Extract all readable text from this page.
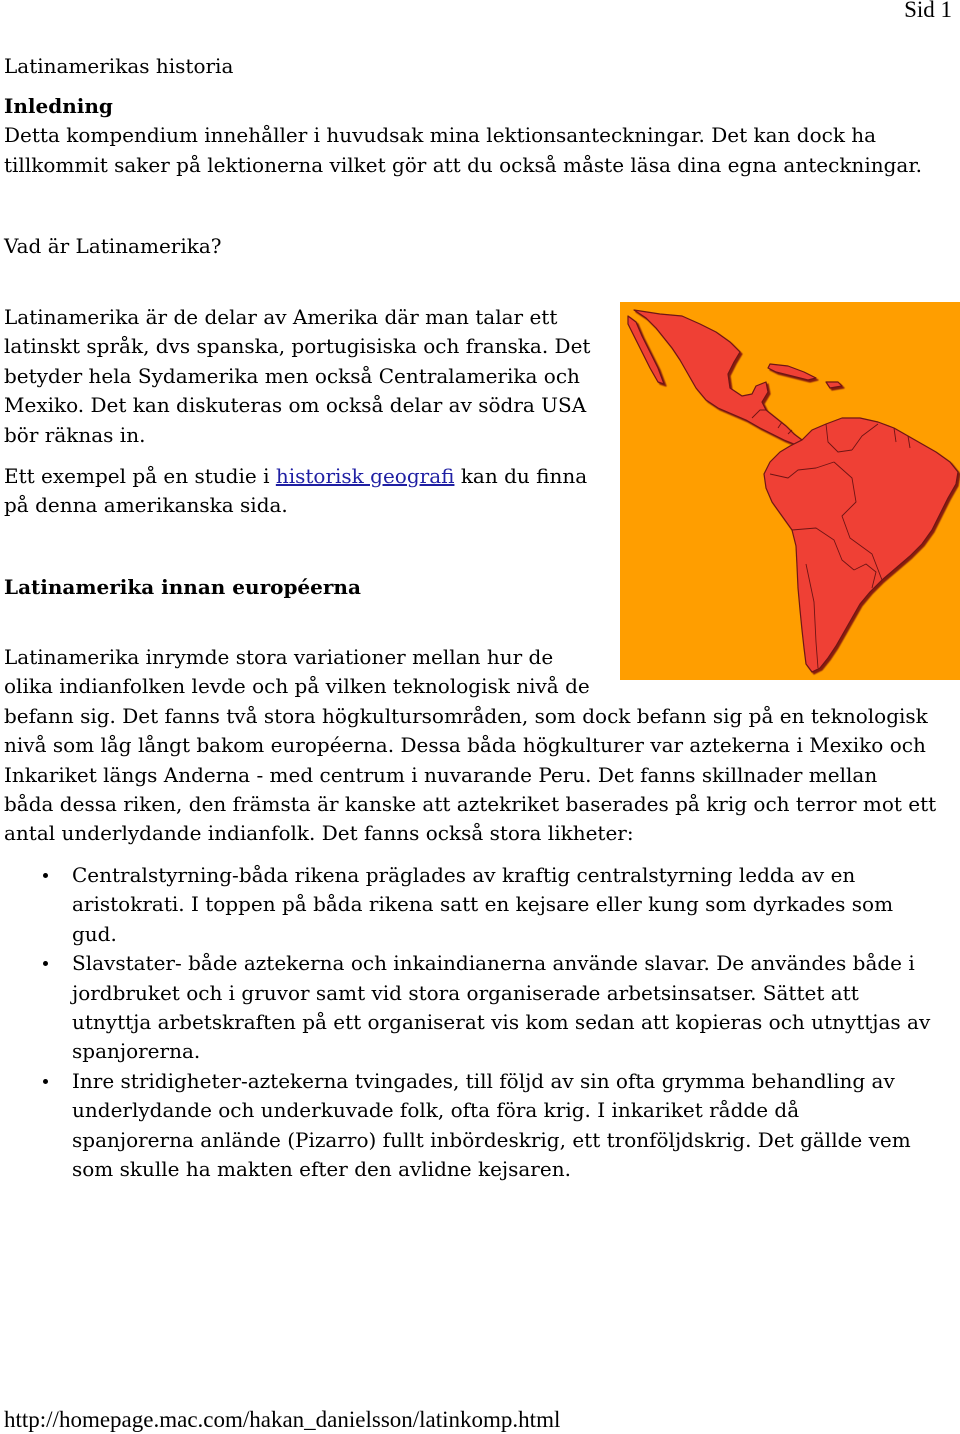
Sid 1
Latinamerikas historia
Inledning
Detta kompendium innehåller i huvudsak mina lektionsanteckningar. Det kan dock ha
tillkommit saker på lektionerna vilket gör att du också måste läsa dina egna anteckningar.
Vad är Latinamerika?
Latinamerika är de delar av Amerika där man talar ett
latinskt språk, dvs spanska, portugisiska och franska. Det
betyder hela Sydamerika men också Centralamerika och
Mexiko. Det kan diskuteras om också delar av södra USA
bör räknas in.
Ett exempel på en studie i historisk geografi kan du finna
på denna amerikanska sida.
Latinamerika innan européerna
Latinamerika inrymde stora variationer mellan hur de
olika indianfolken levde och på vilken teknologisk nivå de
befann sig. Det fanns två stora högkultursområden, som dock befann sig på en teknologisk
nivå som låg långt bakom européerna. Dessa båda högkulturer var aztekerna i Mexiko och
Inkariket längs Anderna - med centrum i nuvarande Peru. Det fanns skillnader mellan
båda dessa riken, den främsta är kanske att aztekriket baserades på krig och terror mot ett
antal underlydande indianfolk. Det fanns också stora likheter:
Centralstyrning-båda rikena präglades av kraftig centralstyrning ledda av en
aristokrati. I toppen på båda rikena satt en kejsare eller kung som dyrkades som
gud.
Slavstater- både aztekerna och inkaindianerna använde slavar. De användes både i
jordbruket och i gruvor samt vid stora organiserade arbetsinsatser. Sättet att
utnyttja arbetskraften på ett organiserat vis kom sedan att kopieras och utnyttjas av
spanjorerna.
Inre stridigheter-aztekerna tvingades, till följd av sin ofta grymma behandling av
underlydande och underkuvade folk, ofta föra krig. I inkariket rådde då
spanjorerna anlände (Pizarro) fullt inbördeskrig, ett tronföljdskrig. Det gällde vem
som skulle ha makten efter den avlidne kejsaren.
http://homepage.mac.com/hakan_danielsson/latinkomp.html
